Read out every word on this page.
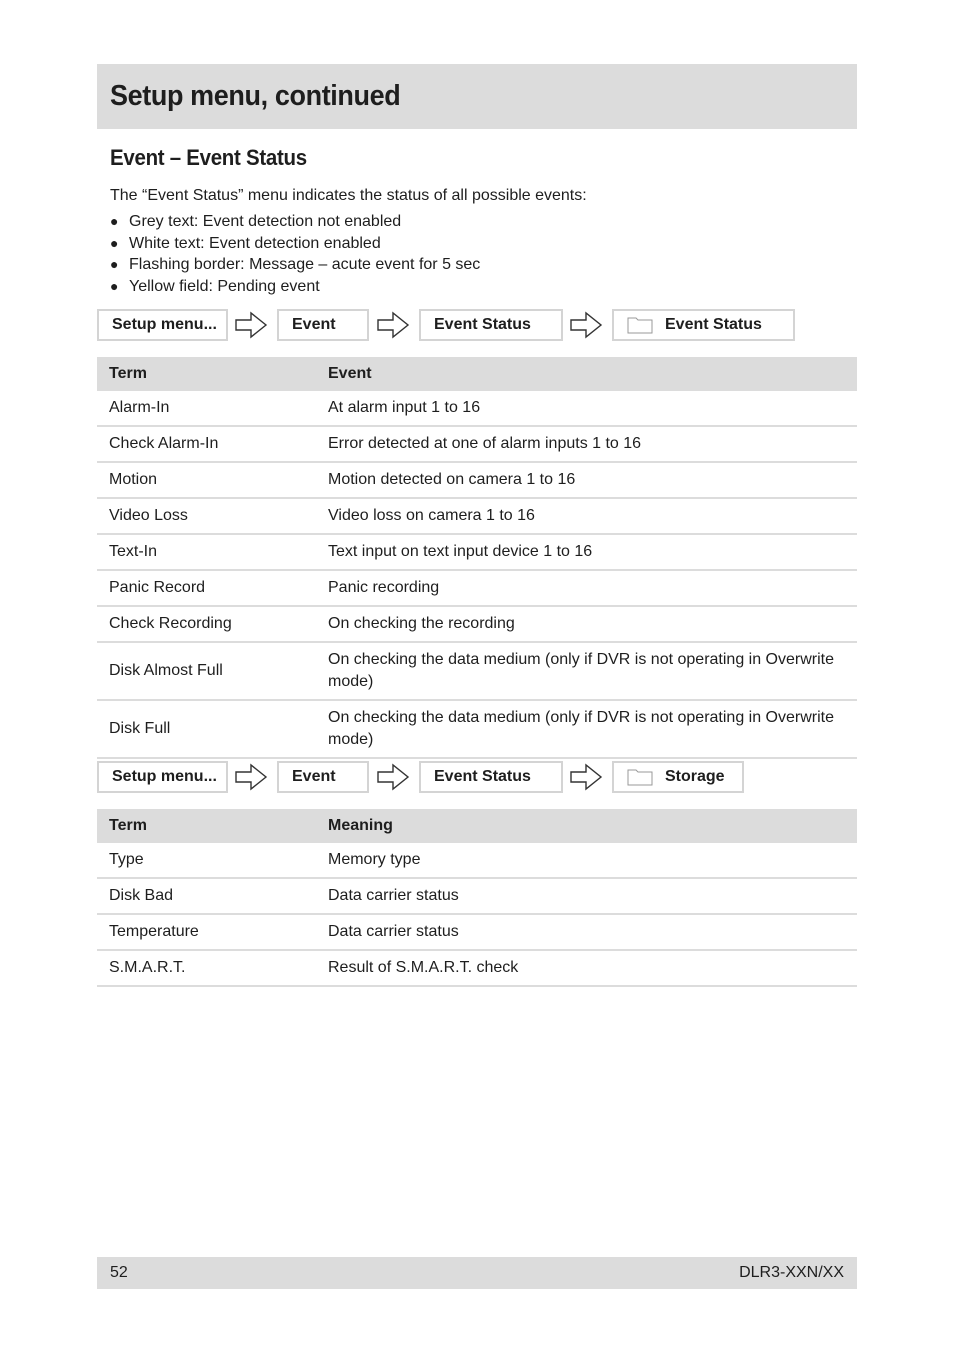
Setup menu, continued
Event – Event Status

The “Event Status” menu indicates the status of all possible events:

● Grey text: Event detection not enabled
● White text: Event detection enabled
● Flashing border: Message – acute event for 5 sec
● Yellow field: Pending event
Setup menu...	Event	Event Status	Event Status
Term	Event
Alarm-In	At alarm input 1 to 16
Check Alarm-In	Error detected at one of alarm inputs 1 to 16
Motion	Motion detected on camera 1 to 16
Video Loss	Video loss on camera 1 to 16
Text-In	Text input on text input device 1 to 16
Panic Record	Panic recording
Check Recording	On checking the recording
Disk Almost Full	On checking the data medium (only if DVR is not operating in Overwrite mode)
Disk Full	On checking the data medium (only if DVR is not operating in Overwrite mode)
Setup menu...	Event	Event Status	Storage
Term	Meaning
Type	Memory type
Disk Bad	Data carrier status
Temperature	Data carrier status
S.M.A.R.T.	Result of S.M.A.R.T. check
52	DLR3-XXN/XX
